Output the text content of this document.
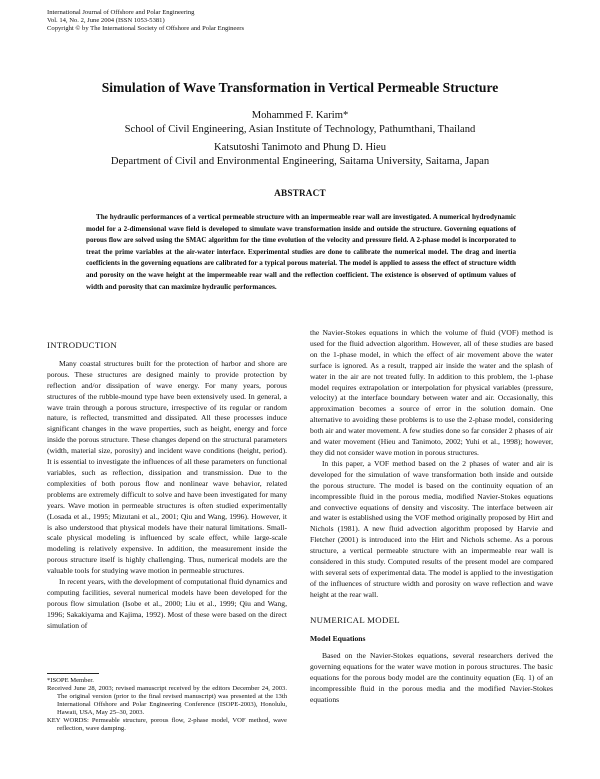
International Journal of Offshore and Polar Engineering
Vol. 14, No. 2, June 2004 (ISSN 1053-5381)
Copyright © by The International Society of Offshore and Polar Engineers
Simulation of Wave Transformation in Vertical Permeable Structure
Mohammed F. Karim*
School of Civil Engineering, Asian Institute of Technology, Pathumthani, Thailand
Katsutoshi Tanimoto and Phung D. Hieu
Department of Civil and Environmental Engineering, Saitama University, Saitama, Japan
ABSTRACT
The hydraulic performances of a vertical permeable structure with an impermeable rear wall are investigated. A numerical hydrodynamic model for a 2-dimensional wave field is developed to simulate wave transformation inside and outside the structure. Governing equations of porous flow are solved using the SMAC algorithm for the time evolution of the velocity and pressure field. A 2-phase model is incorporated to treat the prime variables at the air-water interface. Experimental studies are done to calibrate the numerical model. The drag and inertia coefficients in the governing equations are calibrated for a typical porous material. The model is applied to assess the effect of structure width and porosity on the wave height at the impermeable rear wall and the reflection coefficient. The existence is observed of optimum values of width and porosity that can maximize hydraulic performances.
INTRODUCTION

Many coastal structures built for the protection of harbor and shore are porous. These structures are designed mainly to provide protection by reflection and/or dissipation of wave energy. For many years, porous structures of the rubble-mound type have been extensively used. In general, a wave train through a porous structure, irrespective of its regular or random nature, is reflected, transmitted and dissipated. All these processes induce significant changes in the wave properties, such as height, energy and force inside the porous structure. These changes depend on the structural parameters (width, material size, porosity) and incident wave conditions (height, period). It is essential to investigate the influences of all these parameters on functional variables, such as reflection, dissipation and transmission. Due to the complexities of both porous flow and nonlinear wave behavior, related problems are extremely difficult to solve and have been investigated for many years. Wave motion in permeable structures is often studied experimentally (Losada et al., 1995; Mizutani et al., 2001; Qiu and Wang, 1996). However, it is also understood that physical models have their natural limitations. Small-scale physical modeling is influenced by scale effect, while large-scale modeling is relatively expensive. In addition, the measurement inside the porous structure itself is highly challenging. Thus, numerical models are the valuable tools for studying wave motion in permeable structures.

In recent years, with the development of computational fluid dynamics and computing facilities, several numerical models have been developed for the porous flow simulation (Isobe et al., 2000; Liu et al., 1999; Qiu and Wang, 1996; Sakakiyama and Kajima, 1992). Most of these were based on the direct simulation of

*ISOPE Member.
Received June 28, 2003; revised manuscript received by the editors December 24, 2003. The original version (prior to the final revised manuscript) was presented at the 13th International Offshore and Polar Engineering Conference (ISOPE-2003), Honolulu, Hawaii, USA, May 25–30, 2003.
KEY WORDS: Permeable structure, porous flow, 2-phase model, VOF method, wave reflection, wave damping.

the Navier-Stokes equations in which the volume of fluid (VOF) method is used for the fluid advection algorithm. However, all of these studies are based on the 1-phase model, in which the effect of air movement above the water surface is ignored. As a result, trapped air inside the water and the splash of water in the air are not treated fully. In addition to this problem, the 1-phase model requires extrapolation or interpolation for physical variables (pressure, velocity) at the interface boundary between water and air. Occasionally, this approximation becomes a source of error in the solution domain. One alternative to avoiding these problems is to use the 2-phase model, considering both air and water movement. A few studies done so far consider 2 phases of air and water movement (Hieu and Tanimoto, 2002; Yuhi et al., 1998); however, they did not consider wave motion in porous structures.

In this paper, a VOF method based on the 2 phases of water and air is developed for the simulation of wave transformation both inside and outside the porous structure. The model is based on the continuity equation of an incompressible fluid in the porous media, modified Navier-Stokes equations and convective equations of density and viscosity. The interface between air and water is established using the VOF method originally proposed by Hirt and Nichols (1981). A new fluid advection algorithm proposed by Harvie and Fletcher (2001) is introduced into the Hirt and Nichols scheme. As a porous structure, a vertical permeable structure with an impermeable rear wall is considered in this study. Computed results of the present model are compared with several sets of experimental data. The model is applied to the investigation of the influences of structure width and porosity on wave reflection and wave height at the rear wall.

NUMERICAL MODEL
Model Equations

Based on the Navier-Stokes equations, several researchers derived the governing equations for the water wave motion in porous structures. The basic equations for the porous body model are the continuity equation (Eq. 1) of an incompressible fluid in the porous media and the modified Navier-Stokes equations
